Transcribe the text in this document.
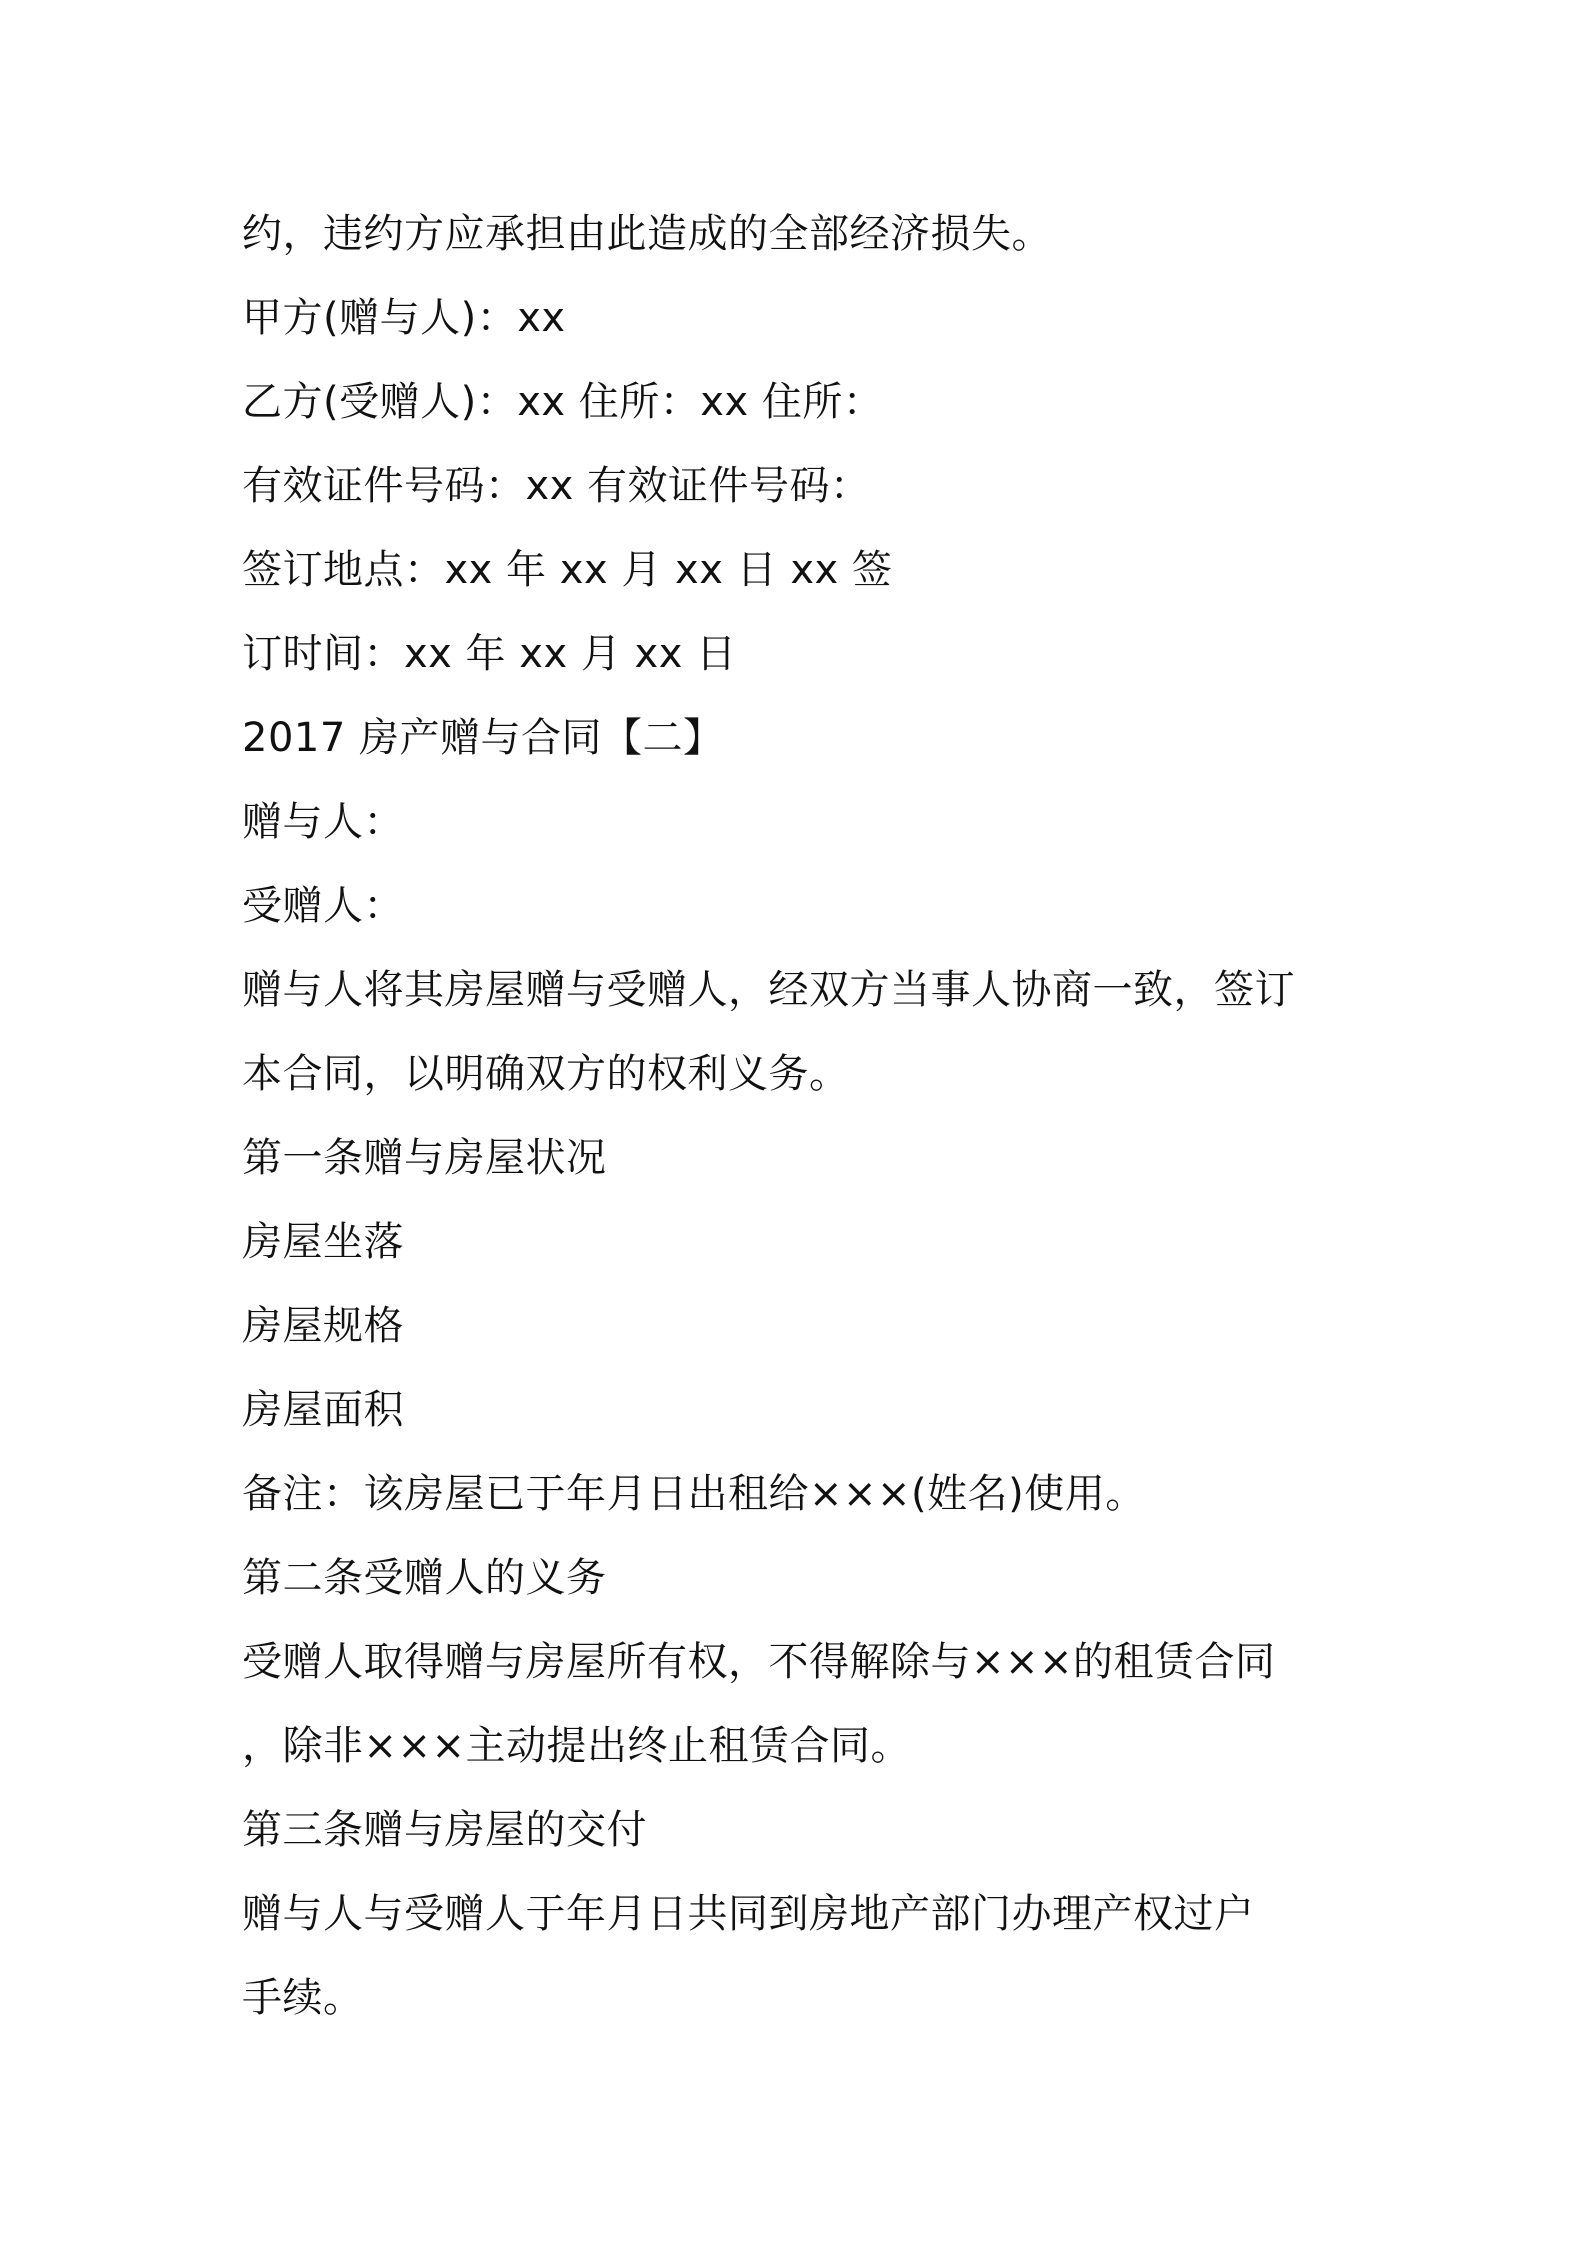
约，违约方应承担由此造成的全部经济损失。
甲方(赠与人)：xx
乙方(受赠人)：xx 住所：xx 住所：
有效证件号码：xx 有效证件号码：
签订地点：xx 年 xx 月 xx 日 xx 签
订时间：xx 年 xx 月 xx 日
2017 房产赠与合同【二】
赠与人：
受赠人：
赠与人将其房屋赠与受赠人，经双方当事人协商一致，签订
本合同，以明确双方的权利义务。
第一条赠与房屋状况
房屋坐落
房屋规格
房屋面积
备注：该房屋已于年月日出租给×××(姓名)使用。
第二条受赠人的义务
受赠人取得赠与房屋所有权，不得解除与×××的租赁合同
，除非×××主动提出终止租赁合同。
第三条赠与房屋的交付
赠与人与受赠人于年月日共同到房地产部门办理产权过户
手续。
